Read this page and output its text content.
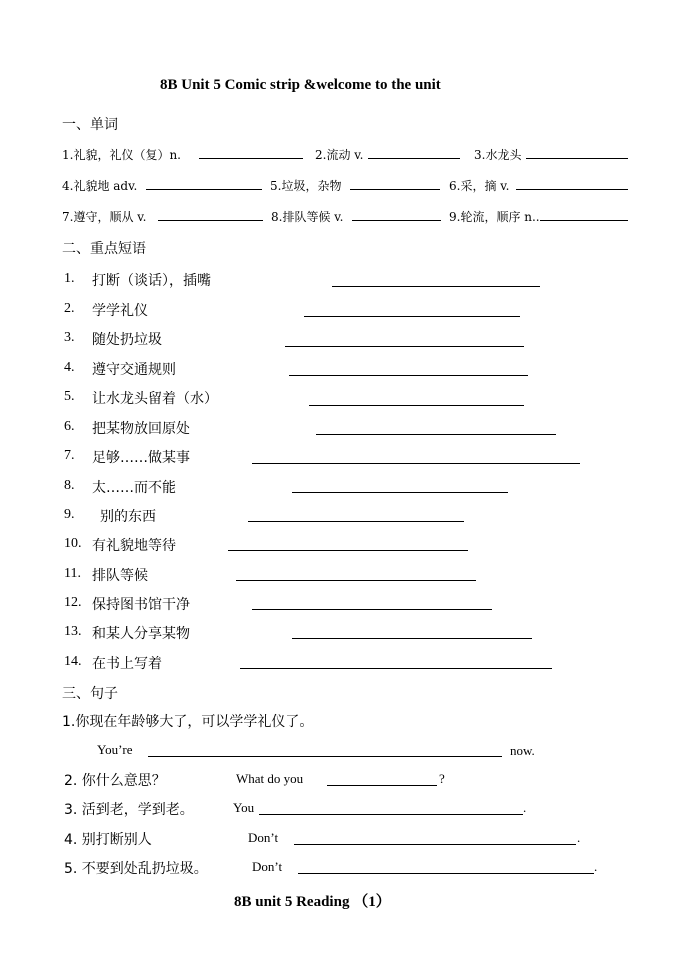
8B Unit 5 Comic strip &welcome to the unit
一、单词
1.礼貌，礼仪（复）n.	2.流动 v.	3.水龙头
4.礼貌地 adv.	5.垃圾，杂物	6.采，摘 v.
7.遵守，顺从 v.	8.排队等候 v.	9.轮流，顺序 n..
二、重点短语
1. 打断（谈话），插嘴
2. 学学礼仪
3. 随处扔垃圾
4. 遵守交通规则
5. 让水龙头留着（水）
6. 把某物放回原处
7. 足够……做某事
8. 太……而不能
9. 别的东西
10. 有礼貌地等待
11. 排队等候
12. 保持图书馆干净
13. 和某人分享某物
14. 在书上写着
三、句子
1.你现在年龄够大了，可以学学礼仪了。
You’re	now.
2. 你什么意思？	What do you	?
3. 活到老，学到老。	You	.
4. 别打断别人	Don’t	.
5. 不要到处乱扔垃圾。	Don’t	.
8B unit 5 Reading （1）
